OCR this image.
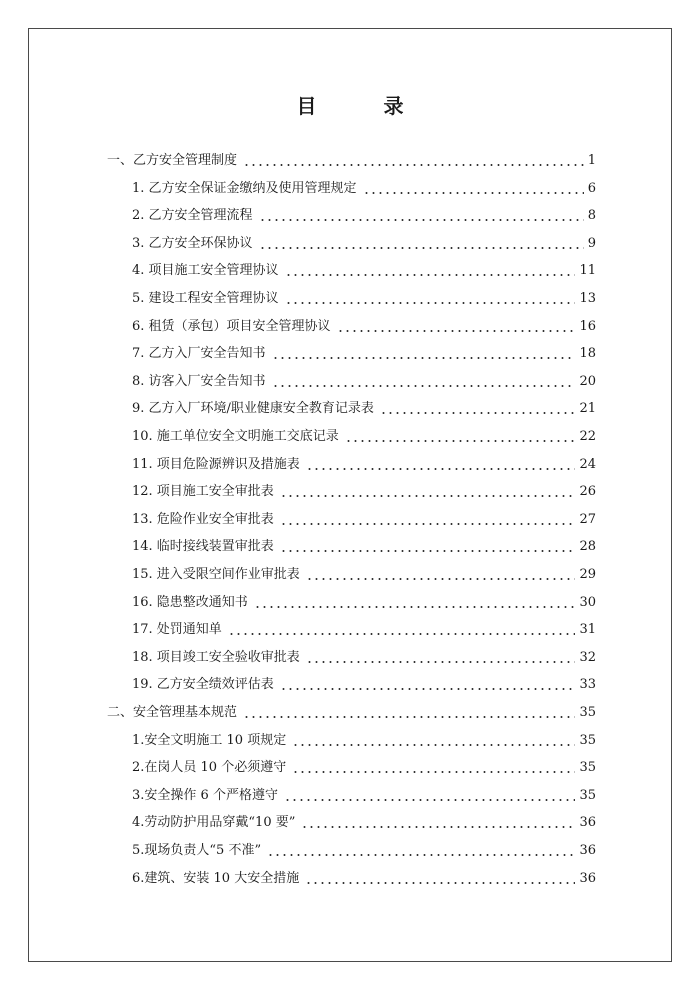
目 录
一、乙方安全管理制度	1
1. 乙方安全保证金缴纳及使用管理规定	6
2. 乙方安全管理流程	8
3. 乙方安全环保协议	9
4. 项目施工安全管理协议	11
5. 建设工程安全管理协议	13
6. 租赁（承包）项目安全管理协议	16
7. 乙方入厂安全告知书	18
8. 访客入厂安全告知书	20
9. 乙方入厂环境/职业健康安全教育记录表	21
10. 施工单位安全文明施工交底记录	22
11. 项目危险源辨识及措施表	24
12. 项目施工安全审批表	26
13. 危险作业安全审批表	27
14. 临时接线装置审批表	28
15. 进入受限空间作业审批表	29
16. 隐患整改通知书	30
17. 处罚通知单	31
18. 项目竣工安全验收审批表	32
19. 乙方安全绩效评估表	33
二、安全管理基本规范	35
1.安全文明施工 10 项规定	35
2.在岗人员 10 个必须遵守	35
3.安全操作 6 个严格遵守	35
4.劳动防护用品穿戴“10 要”	36
5.现场负责人“5 不准”	36
6.建筑、安装 10 大安全措施	36
